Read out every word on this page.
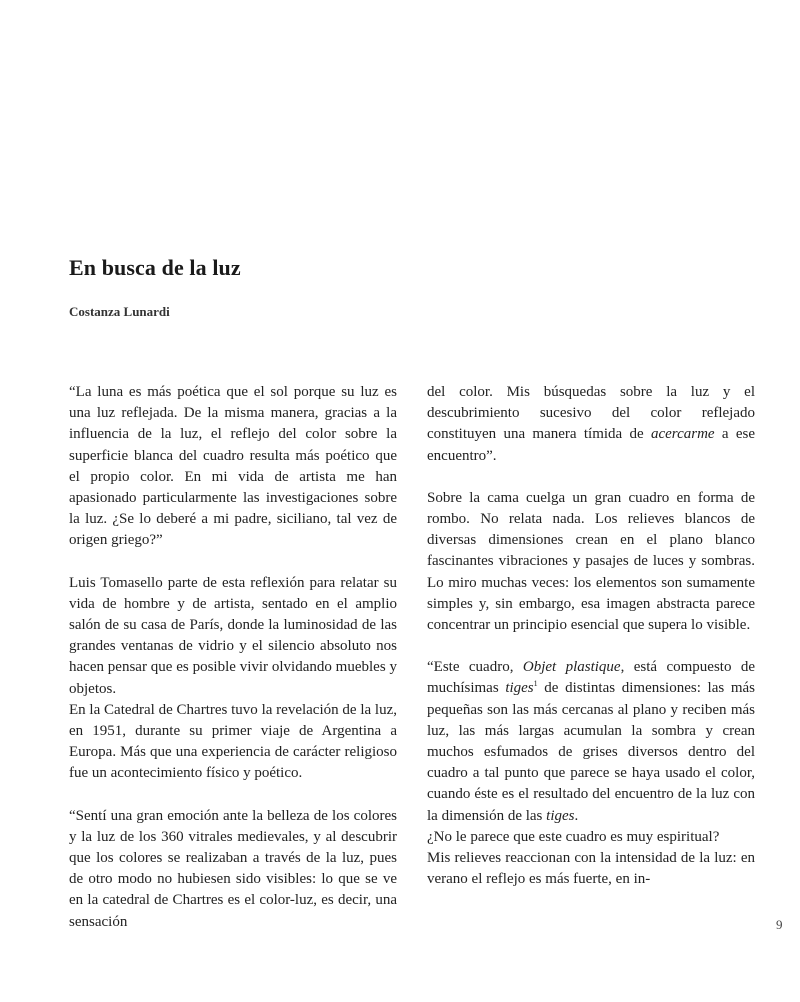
En busca de la luz
Costanza Lunardi

“La luna es más poética que el sol porque su luz es una luz reflejada. De la misma manera, gracias a la influencia de la luz, el reflejo del color sobre la superficie blanca del cuadro resulta más poético que el propio color. En mi vida de artista me han apasionado particularmente las investigaciones sobre la luz. ¿Se lo deberé a mi padre, siciliano, tal vez de origen griego?”

Luis Tomasello parte de esta reflexión para relatar su vida de hombre y de artista, sentado en el amplio salón de su casa de París, donde la luminosidad de las grandes ventanas de vidrio y el silencio absoluto nos hacen pensar que es posible vivir olvidando muebles y objetos.

En la Catedral de Chartres tuvo la revelación de la luz, en 1951, durante su primer viaje de Argentina a Europa. Más que una experiencia de carácter religioso fue un acontecimiento físico y poético.

“Sentí una gran emoción ante la belleza de los colores y la luz de los 360 vitrales medievales, y al descubrir que los colores se realizaban a través de la luz, pues de otro modo no hubiesen sido visibles: lo que se ve en la catedral de Chartres es el color-luz, es decir, una sensación

del color. Mis búsquedas sobre la luz y el descubrimiento sucesivo del color reflejado constituyen una manera tímida de acercarme a ese encuentro”.

Sobre la cama cuelga un gran cuadro en forma de rombo. No relata nada. Los relieves blancos de diversas dimensiones crean en el plano blanco fascinantes vibraciones y pasajes de luces y sombras. Lo miro muchas veces: los elementos son sumamente simples y, sin embargo, esa imagen abstracta parece concentrar un principio esencial que supera lo visible.

“Este cuadro, Objet plastique, está compuesto de muchísimas tiges$^1$ de distintas dimensiones: las más pequeñas son las más cercanas al plano y reciben más luz, las más largas acumulan la sombra y crean muchos esfumados de grises diversos dentro del cuadro a tal punto que parece se haya usado el color, cuando éste es el resultado del encuentro de la luz con la dimensión de las tiges.

¿No le parece que este cuadro es muy espiritual?

Mis relieves reaccionan con la intensidad de la luz: en verano el reflejo es más fuerte, en in-

9
